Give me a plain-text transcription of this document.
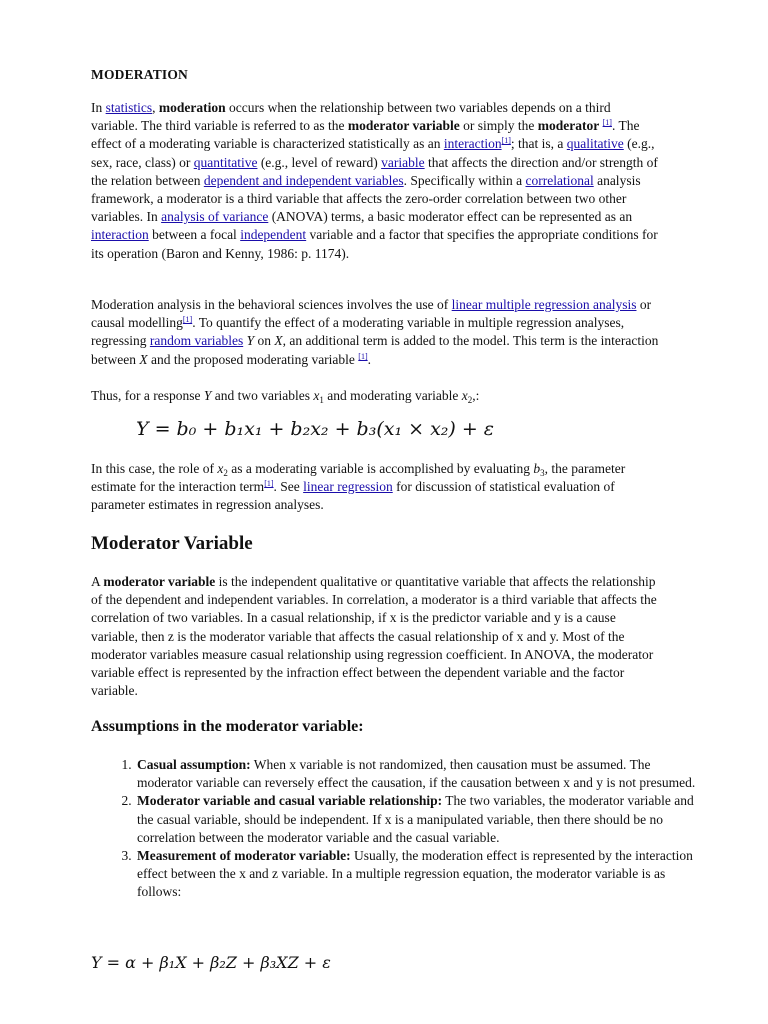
MODERATION

In statistics, moderation occurs when the relationship between two variables depends on a third variable. The third variable is referred to as the moderator variable or simply the moderator [1]. The effect of a moderating variable is characterized statistically as an interaction[1]; that is, a qualitative (e.g., sex, race, class) or quantitative (e.g., level of reward) variable that affects the direction and/or strength of the relation between dependent and independent variables. Specifically within a correlational analysis framework, a moderator is a third variable that affects the zero-order correlation between two other variables. In analysis of variance (ANOVA) terms, a basic moderator effect can be represented as an interaction between a focal independent variable and a factor that specifies the appropriate conditions for its operation (Baron and Kenny, 1986: p. 1174).

Moderation analysis in the behavioral sciences involves the use of linear multiple regression analysis or causal modelling[1]. To quantify the effect of a moderating variable in multiple regression analyses, regressing random variables Y on X, an additional term is added to the model. This term is the interaction between X and the proposed moderating variable [1].

Thus, for a response Y and two variables $x_1$ and moderating variable $x_2$,:

Y = b₀ + b₁x₁ + b₂x₂ + b₃(x₁ × x₂) + ε

In this case, the role of $x_2$ as a moderating variable is accomplished by evaluating $b_3$, the parameter estimate for the interaction term[1]. See linear regression for discussion of statistical evaluation of parameter estimates in regression analyses.

Moderator Variable

A moderator variable is the independent qualitative or quantitative variable that affects the relationship of the dependent and independent variables. In correlation, a moderator is a third variable that affects the correlation of two variables. In a casual relationship, if x is the predictor variable and y is a cause variable, then z is the moderator variable that affects the casual relationship of x and y. Most of the moderator variables measure casual relationship using regression coefficient. In ANOVA, the moderator variable effect is represented by the infraction effect between the dependent variable and the factor variable.

Assumptions in the moderator variable:
1. Casual assumption: When x variable is not randomized, then causation must be assumed. The moderator variable can reversely effect the causation, if the causation between x and y is not presumed.
2. Moderator variable and casual variable relationship: The two variables, the moderator variable and the casual variable, should be independent. If x is a manipulated variable, then there should be no correlation between the moderator variable and the casual variable.
3. Measurement of moderator variable: Usually, the moderation effect is represented by the interaction effect between the x and z variable. In a multiple regression equation, the moderator variable is as follows:
Y = α + β₁X + β₂Z + β₃XZ + ε
